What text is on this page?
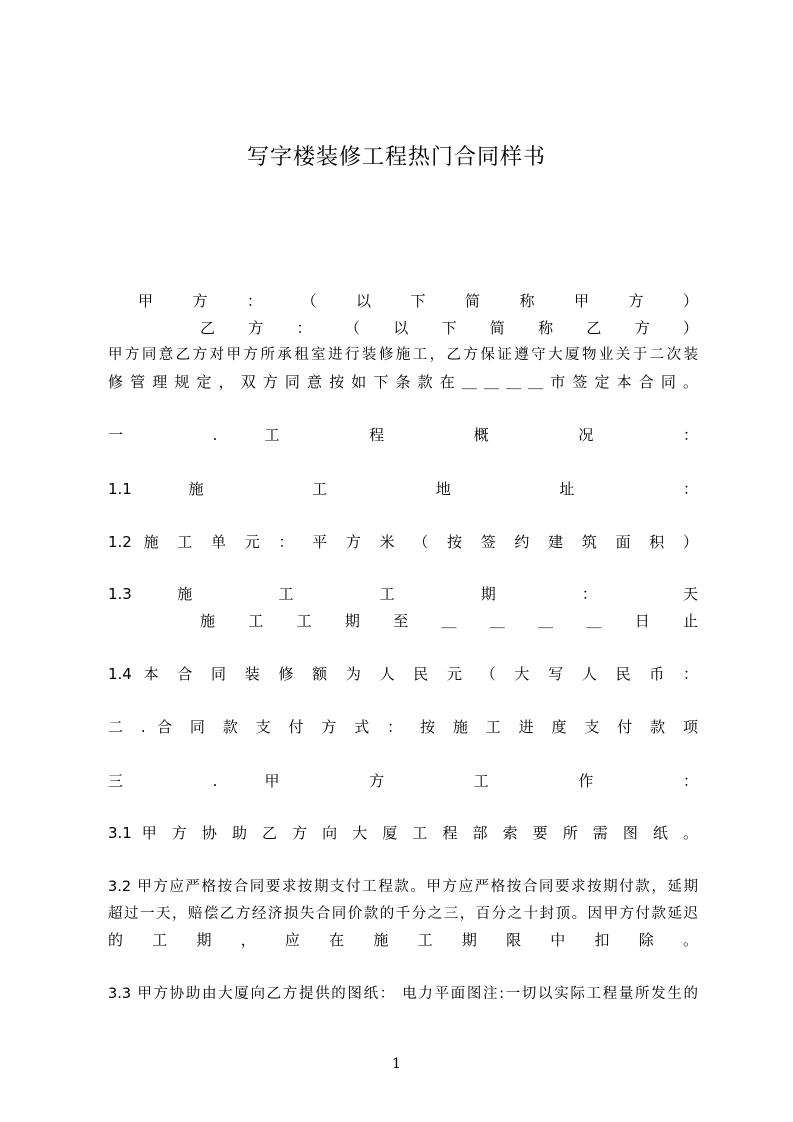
写字楼装修工程热门合同样书
甲 方 ： （ 以 下 简 称 甲 方 ）
乙 方 ： （ 以 下 简 称 乙 方 ）
甲方同意乙方对甲方所承租室进行装修施工，乙方保证遵守大厦物业关于二次装
修 管 理 规 定 ， 双 方 同 意 按 如 下 条 款 在 ＿ ＿ ＿ ＿ 市 签 定 本 合 同 。
一 . 工 程 概 况 ：
1.1 施 工 地 址 ：
1.2 施 工 单 元 ： 平 方 米 （ 按 签 约 建 筑 面 积 ）
1.3 施 工 工 期 ： 天
施 工 工 期 至 ＿ ＿ ＿ ＿ 日 止
1.4 本 合 同 装 修 额 为 人 民 元 （ 大 写 人 民 币 ：
二 . 合 同 款 支 付 方 式 ： 按 施 工 进 度 支 付 款 项
三 . 甲 方 工 作 ：
3.1 甲 方 协 助 乙 方 向 大 厦 工 程 部 索 要 所 需 图 纸 。
3.2 甲方应严格按合同要求按期支付工程款。甲方应严格按合同要求按期付款，延期
超过一天，赔偿乙方经济损失合同价款的千分之三，百分之十封顶。因甲方付款延迟
的 工 期 ， 应 在 施 工 期 限 中 扣 除 。
3.3 甲方协助由大厦向乙方提供的图纸： 电力平面图注:一切以实际工程量所发生的
1
